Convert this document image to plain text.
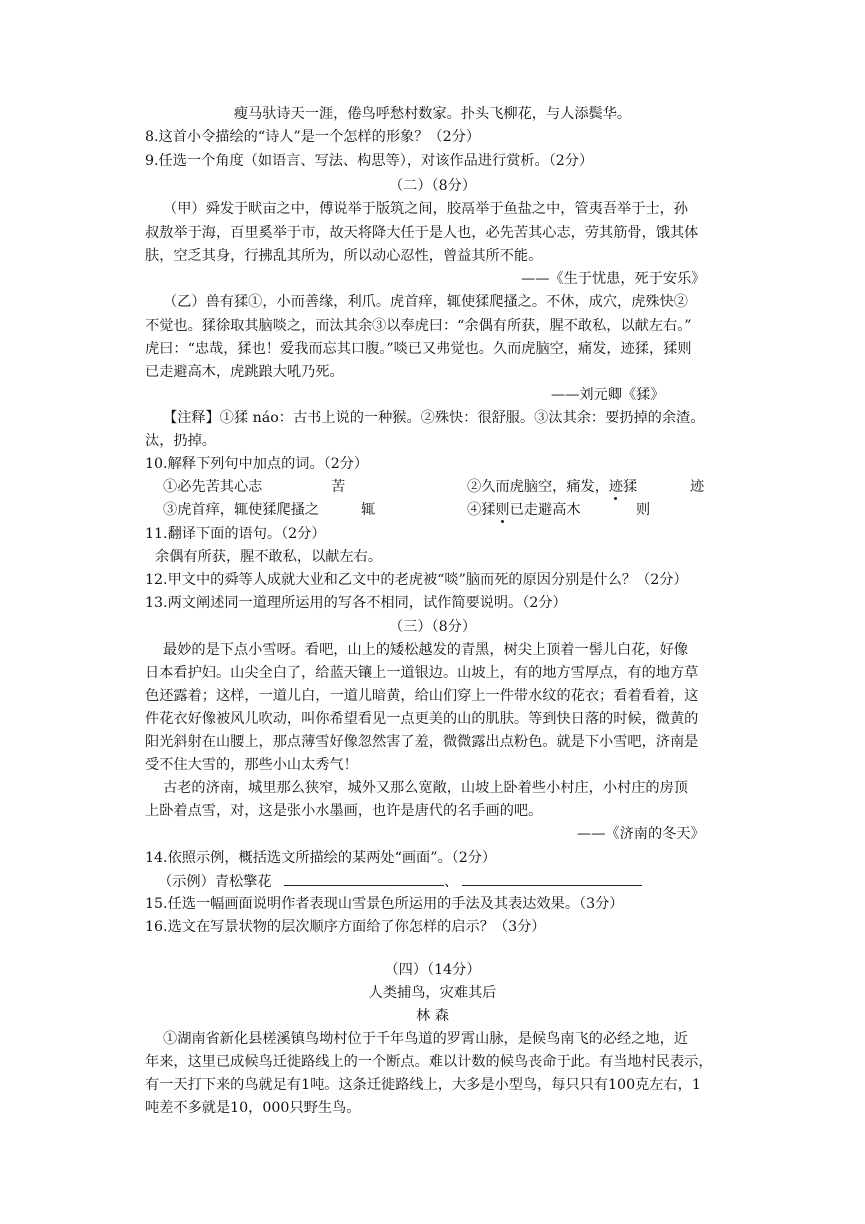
瘦马驮诗天一涯，倦鸟呼愁村数家。扑头飞柳花，与人添鬓华。
8.这首小令描绘的“诗人”是一个怎样的形象？（2分）
9.任选一个角度（如语言、写法、构思等），对该作品进行赏析。（2分）
（二）（8分）
（甲）舜发于畎亩之中，傅说举于版筑之间，胶鬲举于鱼盐之中，管夷吾举于士，孙
叔敖举于海，百里奚举于市，故天将降大任于是人也，必先苦其心志，劳其筋骨，饿其体
肤，空乏其身，行拂乱其所为，所以动心忍性，曾益其所不能。
——《生于忧患，死于安乐》
（乙）兽有猱①，小而善缘，利爪。虎首痒，辄使猱爬搔之。不休，成穴，虎殊快②
不觉也。猱徐取其脑啖之，而汰其余③以奉虎曰：“余偶有所获，腥不敢私，以献左右。”
虎曰：“忠哉，猱也！爱我而忘其口腹。”啖已又弗觉也。久而虎脑空，痛发，迹猱，猱则
已走避高木，虎跳踉大吼乃死。
——刘元卿《猱》
【注释】①猱 náo：古书上说的一种猴。②殊快：很舒服。③汰其余：要扔掉的余渣。
汰，扔掉。
10.解释下列句中加点的词。（2分）
①必先苦其心志	苦	②久而虎脑空，痛发，迹猱	迹
③虎首痒，辄使猱爬搔之	辄	④猱则已走避高木	则
11.翻译下面的语句。（2分）
余偶有所获，腥不敢私，以献左右。
12.甲文中的舜等人成就大业和乙文中的老虎被“啖”脑而死的原因分别是什么？（2分）
13.两文阐述同一道理所运用的写各不相同，试作简要说明。（2分）
（三）（8分）
最妙的是下点小雪呀。看吧，山上的矮松越发的青黑，树尖上顶着一髻儿白花，好像
日本看护妇。山尖全白了，给蓝天镶上一道银边。山坡上，有的地方雪厚点，有的地方草
色还露着；这样，一道儿白，一道儿暗黄，给山们穿上一件带水纹的花衣；看着看着，这
件花衣好像被风儿吹动，叫你希望看见一点更美的山的肌肤。等到快日落的时候，微黄的
阳光斜射在山腰上，那点薄雪好像忽然害了羞，微微露出点粉色。就是下小雪吧，济南是
受不住大雪的，那些小山太秀气！
古老的济南，城里那么狭窄，城外又那么宽敞，山坡上卧着些小村庄，小村庄的房顶
上卧着点雪，对，这是张小水墨画，也许是唐代的名手画的吧。
——《济南的冬天》
14.依照示例，概括选文所描绘的某两处“画面”。（2分）
（示例）青松擎花	、
15.任选一幅画面说明作者表现山雪景色所运用的手法及其表达效果。（3分）
16.选文在写景状物的层次顺序方面给了你怎样的启示？（3分）
（四）（14分）
人类捕鸟，灾难其后
林 森
①湖南省新化县槎溪镇鸟坳村位于千年鸟道的罗霄山脉，是候鸟南飞的必经之地，近
年来，这里已成候鸟迁徙路线上的一个断点。难以计数的候鸟丧命于此。有当地村民表示，
有一天打下来的鸟就足有1吨。这条迁徙路线上，大多是小型鸟，每只只有100克左右，1
吨差不多就是10，000只野生鸟。
